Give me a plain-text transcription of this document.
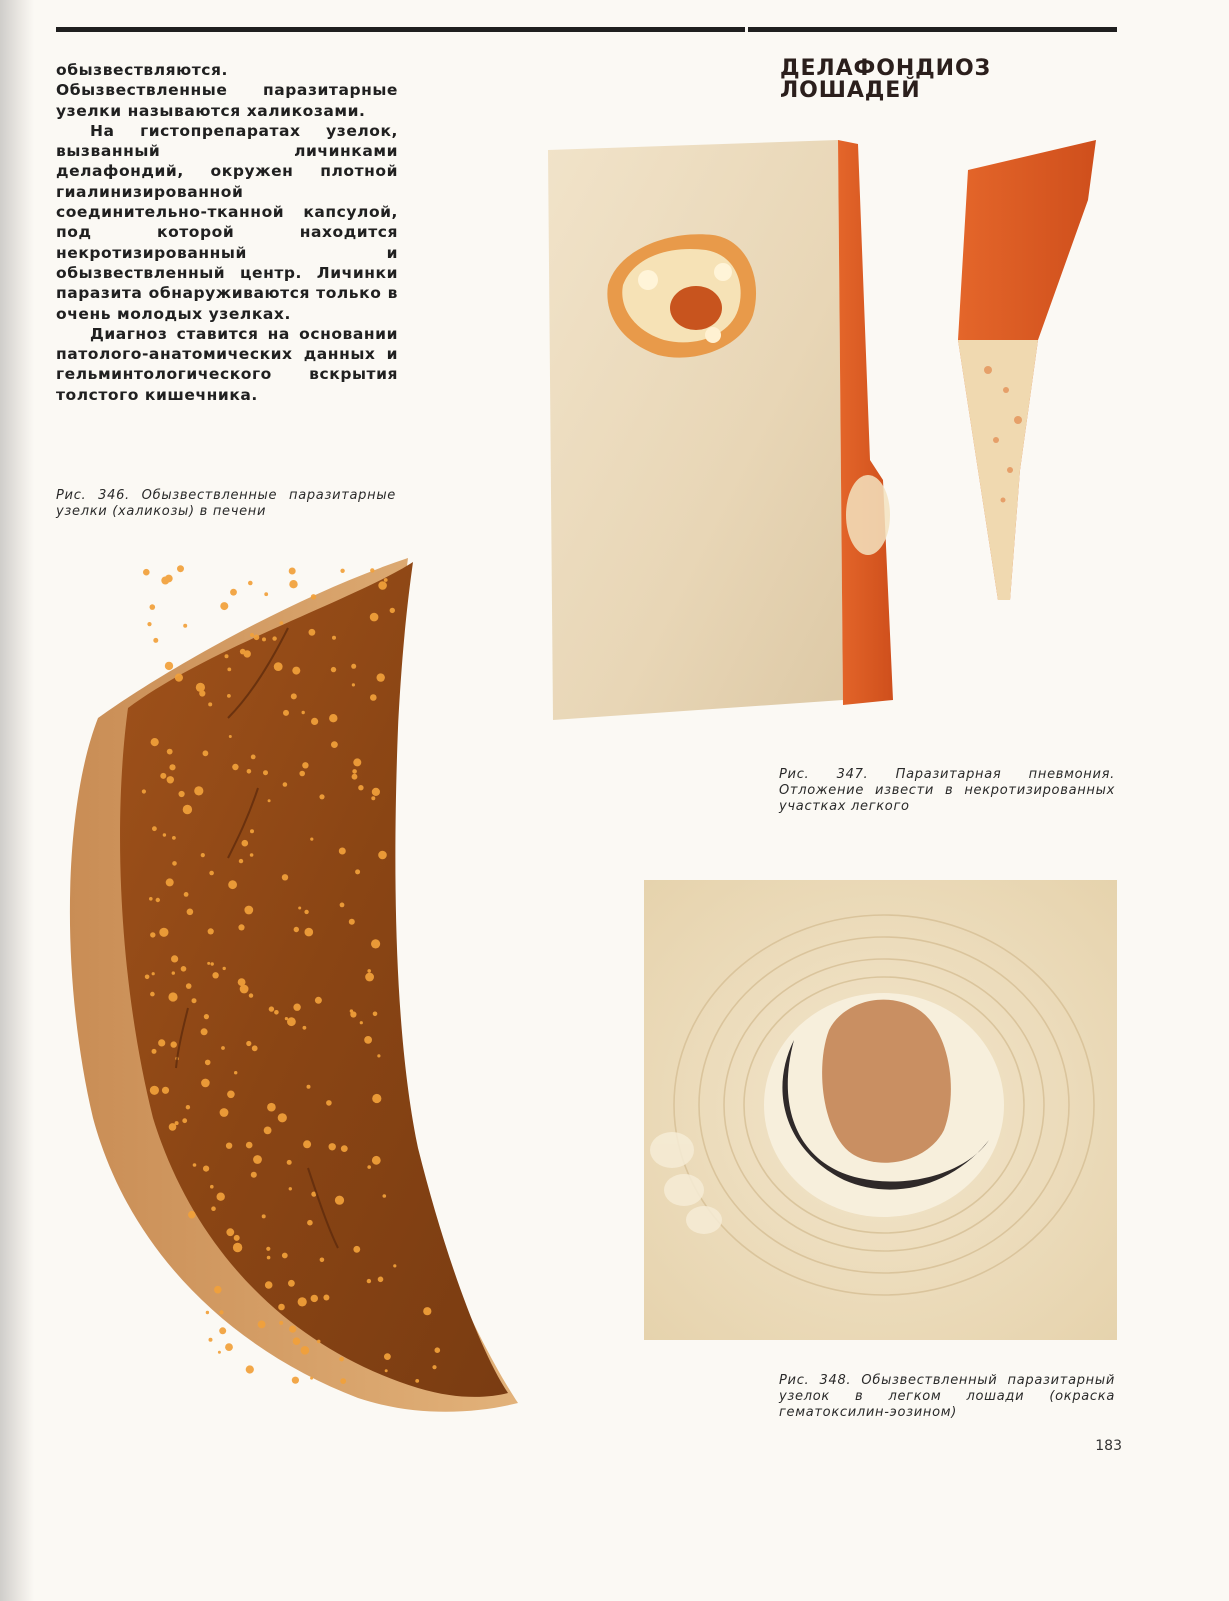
обызвествляются. Обызвествленные паразитарные узелки называются халикозами.

На гистопрепаратах узелок, вызванный личинками делафондий, окружен плотной гиалинизированной соединительно-тканной капсулой, под которой находится некротизированный и обызвествленный центр. Личинки паразита обнаруживаются только в очень молодых узелках.

Диагноз ставится на основании патолого-анатомических данных и гельминтологического вскрытия толстого кишечника.

ДЕЛАФОНДИОЗ
ЛОШАДЕЙ

Рис. 346. Обызвествленные паразитарные узелки (халикозы) в печени

Рис. 347. Паразитарная пневмония. Отложение извести в некротизированных участках легкого

Рис. 348. Обызвествленный паразитарный узелок в легком лошади (окраска гематоксилин-эозином)

183
